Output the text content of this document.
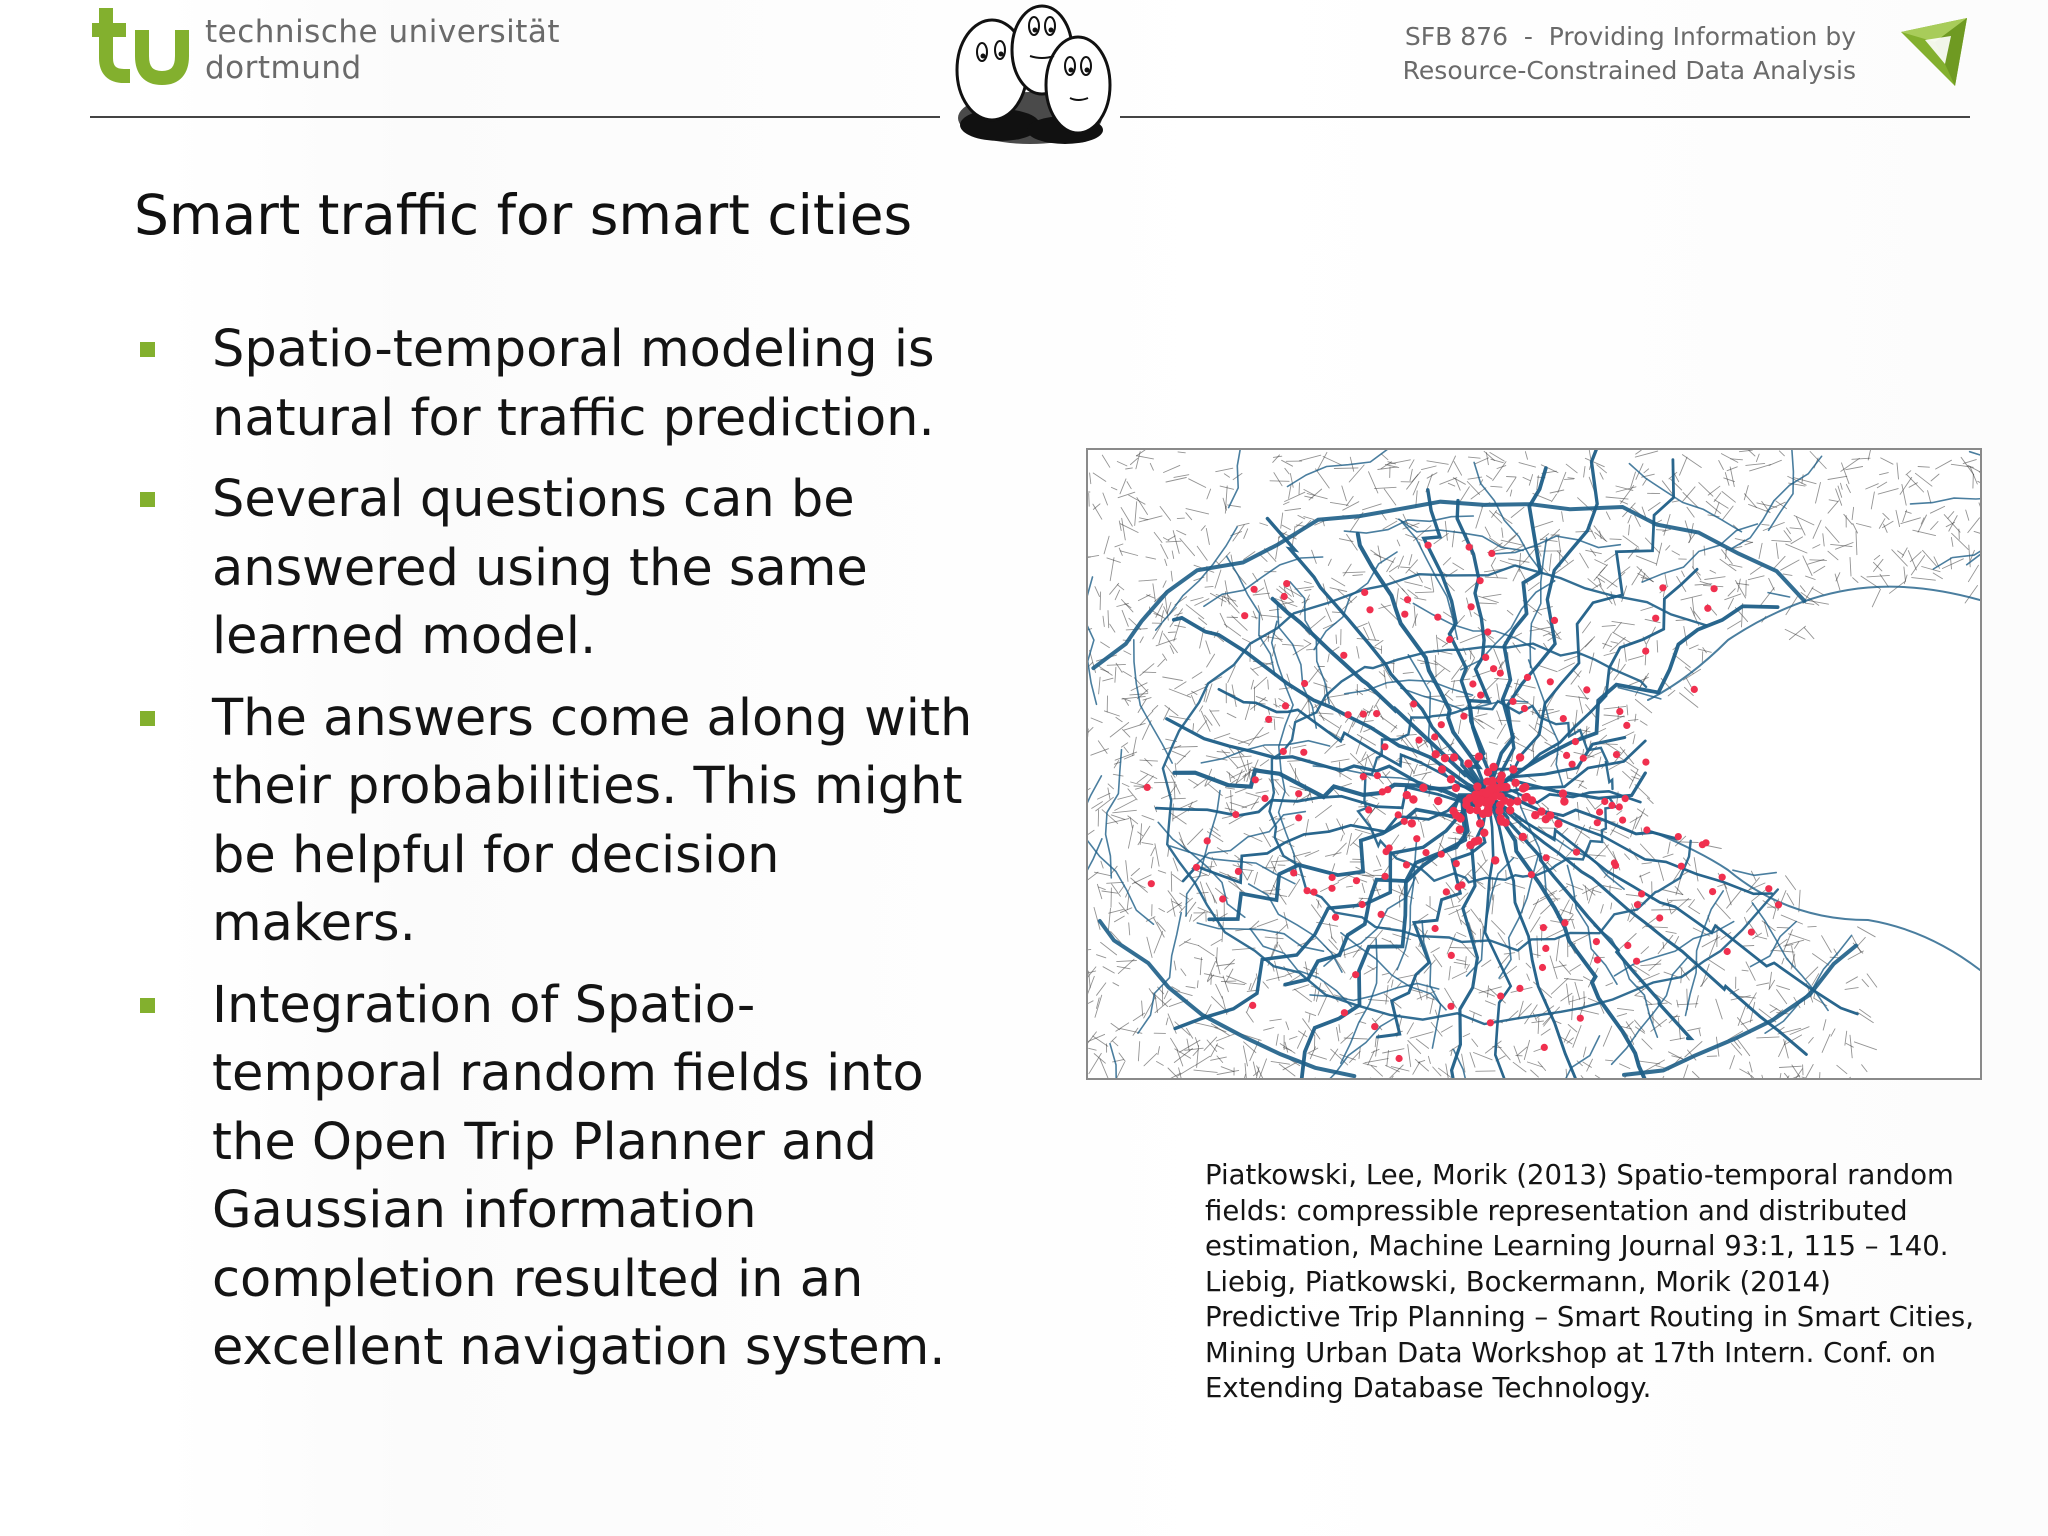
technische universität
dortmund
SFB 876  -  Providing Information by
Resource-Constrained Data Analysis
Smart traffic for smart cities
Spatio-temporal modeling is
natural for traffic prediction.
Several questions can be
answered using the same
learned model.
The answers come along with
their probabilities. This might
be helpful for decision
makers.
Integration of Spatio-
temporal random fields into
the Open Trip Planner and
Gaussian information
completion resulted in an
excellent navigation system.
Piatkowski, Lee, Morik (2013) Spatio-temporal random
fields: compressible representation and distributed
estimation, Machine Learning Journal 93:1, 115 – 140.
Liebig, Piatkowski, Bockermann, Morik (2014)
Predictive Trip Planning – Smart Routing in Smart Cities,
Mining Urban Data Workshop at 17th Intern. Conf. on
Extending Database Technology.
